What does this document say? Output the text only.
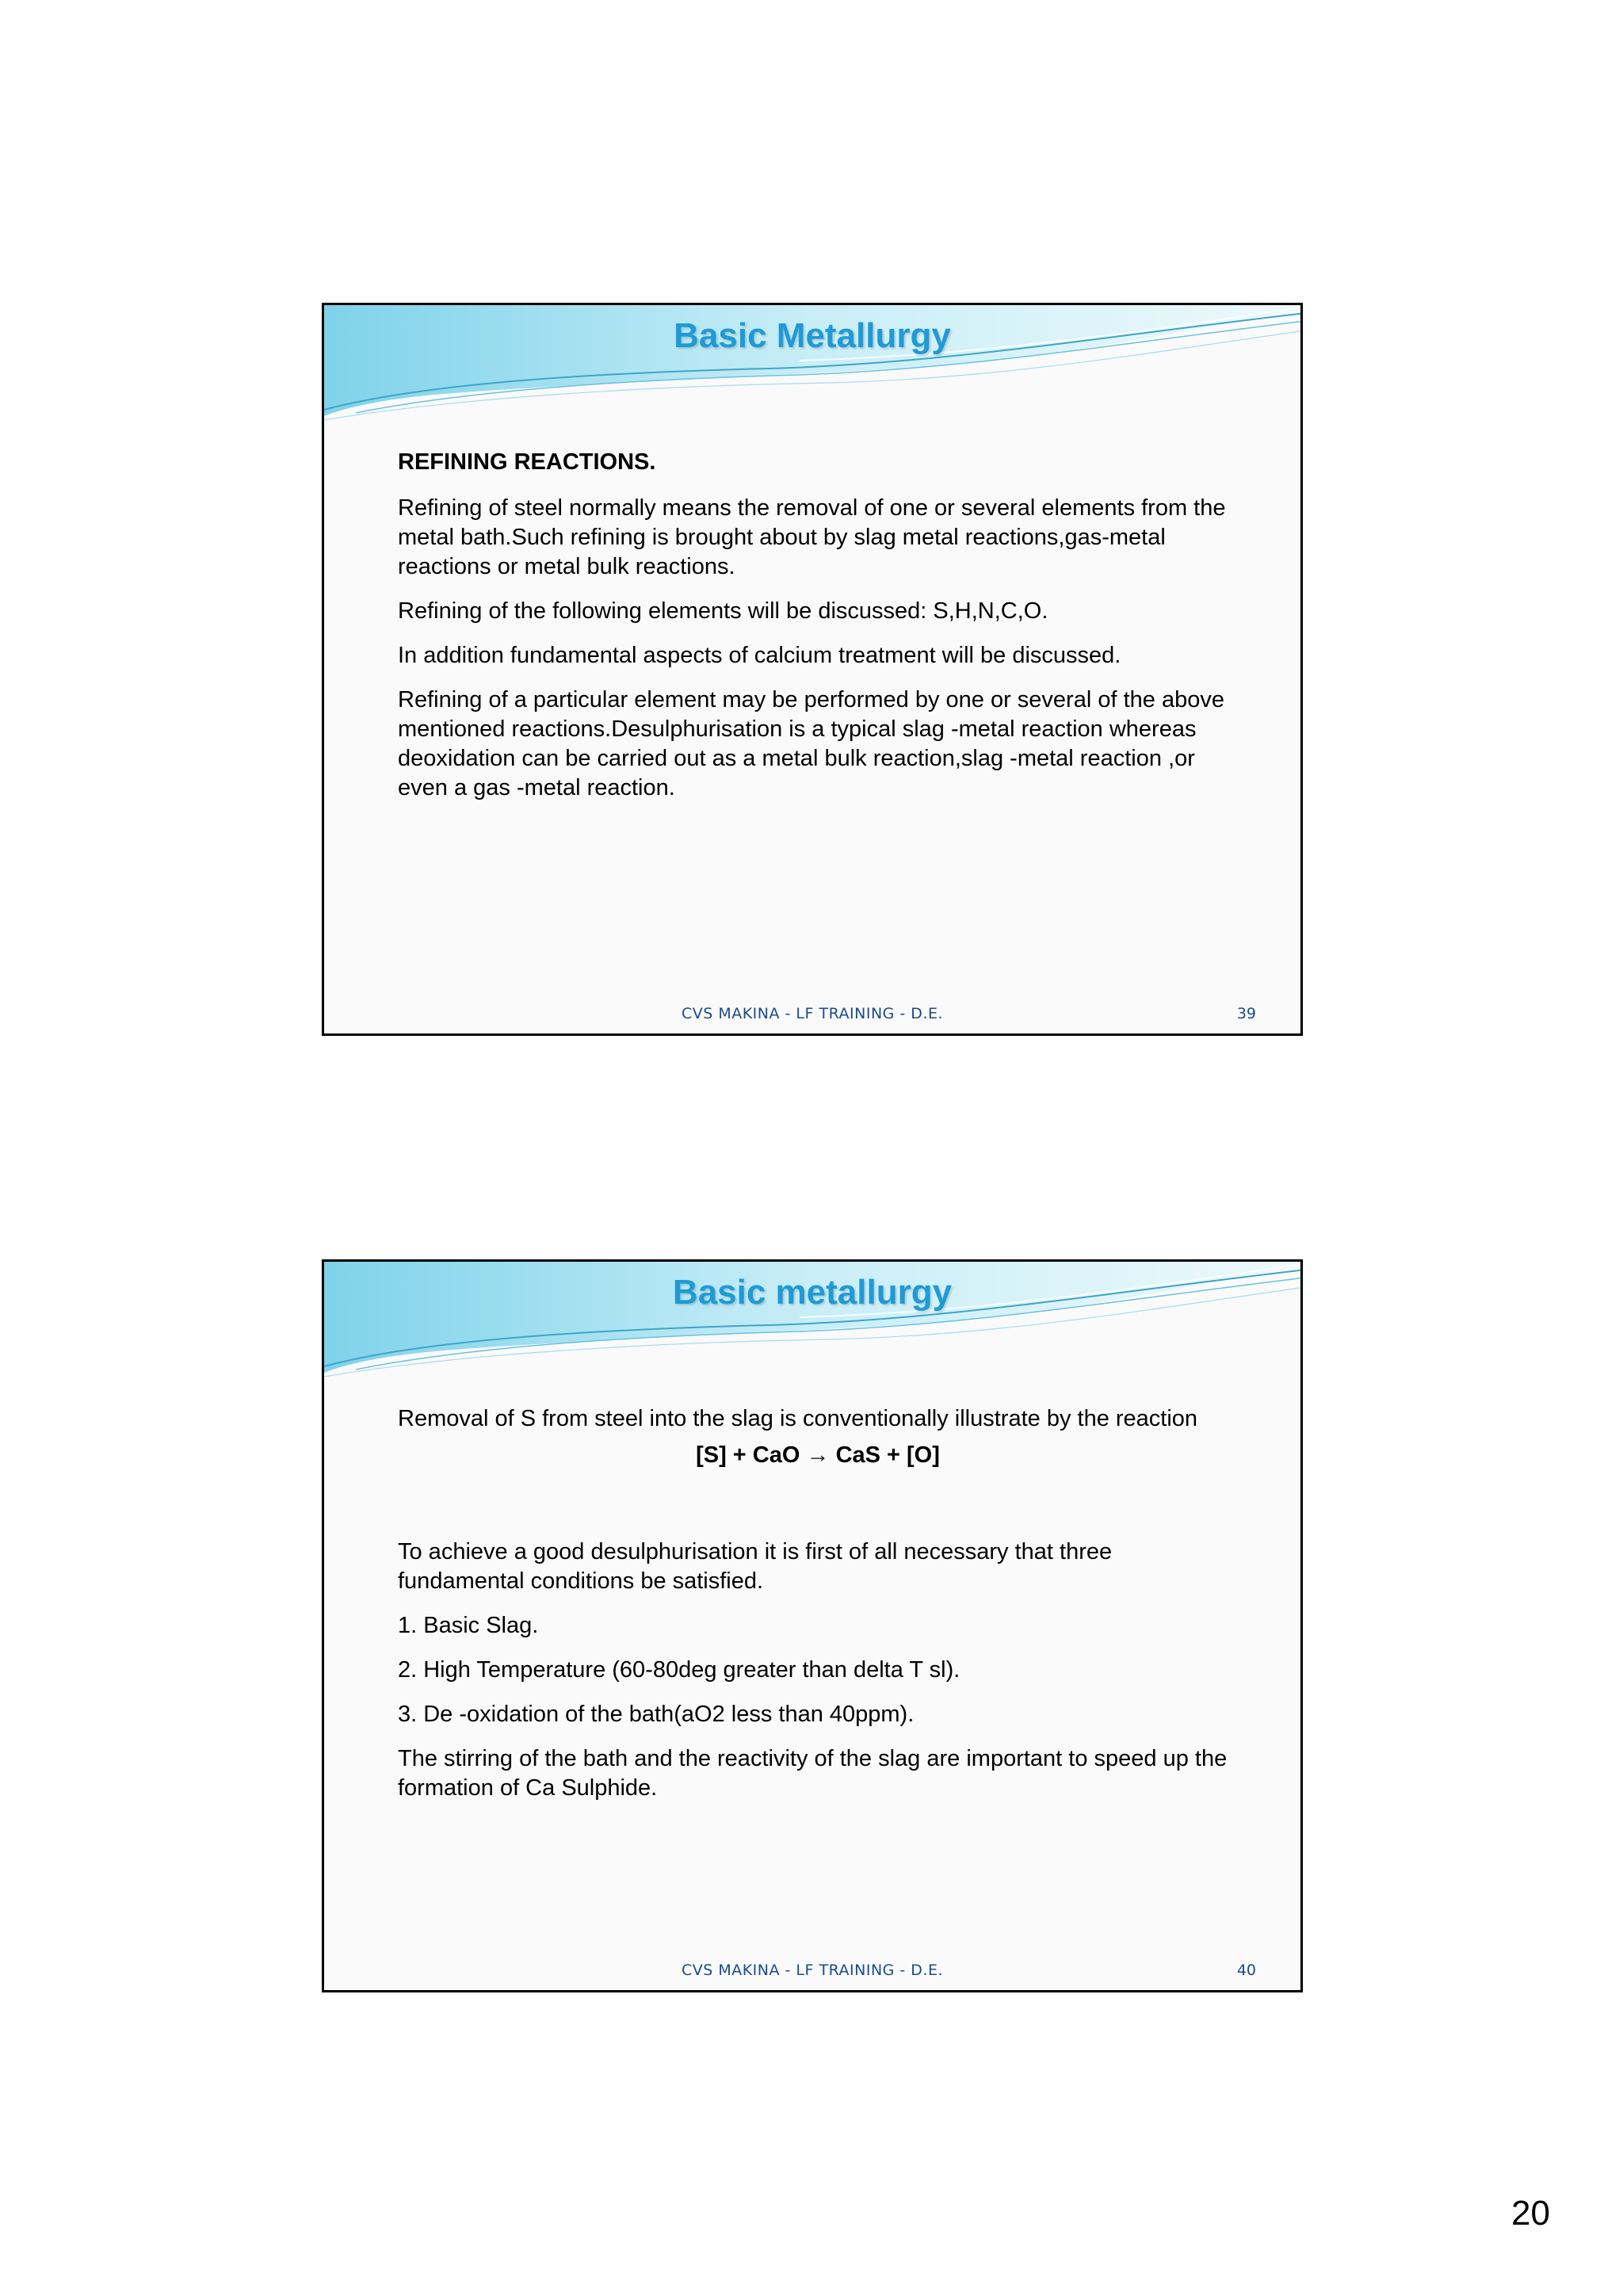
Basic Metallurgy

REFINING REACTIONS.

Refining of steel normally means the removal of one or several elements from the metal bath.Such refining is brought about by slag metal reactions,gas-metal reactions or metal bulk reactions.

Refining of the following elements will be discussed: S,H,N,C,O.

In addition fundamental aspects of calcium treatment will be discussed.

Refining of a particular element may be performed by one or several of the above mentioned reactions.Desulphurisation is a typical slag -metal reaction whereas deoxidation can be carried out as a metal bulk reaction,slag -metal reaction ,or even a gas -metal reaction.

CVS MAKINA - LF TRAINING - D.E.	39
Basic metallurgy

Removal of S from steel into the slag is conventionally illustrate by the reaction

[S] + CaO → CaS + [O]

To achieve a good desulphurisation it is first of all necessary that three fundamental conditions be satisfied.

1. Basic Slag.

2. High Temperature (60-80deg greater than delta T sl).

3. De -oxidation of the bath(aO2 less than 40ppm).

The stirring of the bath and the reactivity of the slag are important to speed up the formation of Ca Sulphide.

CVS MAKINA - LF TRAINING - D.E.	40
20
